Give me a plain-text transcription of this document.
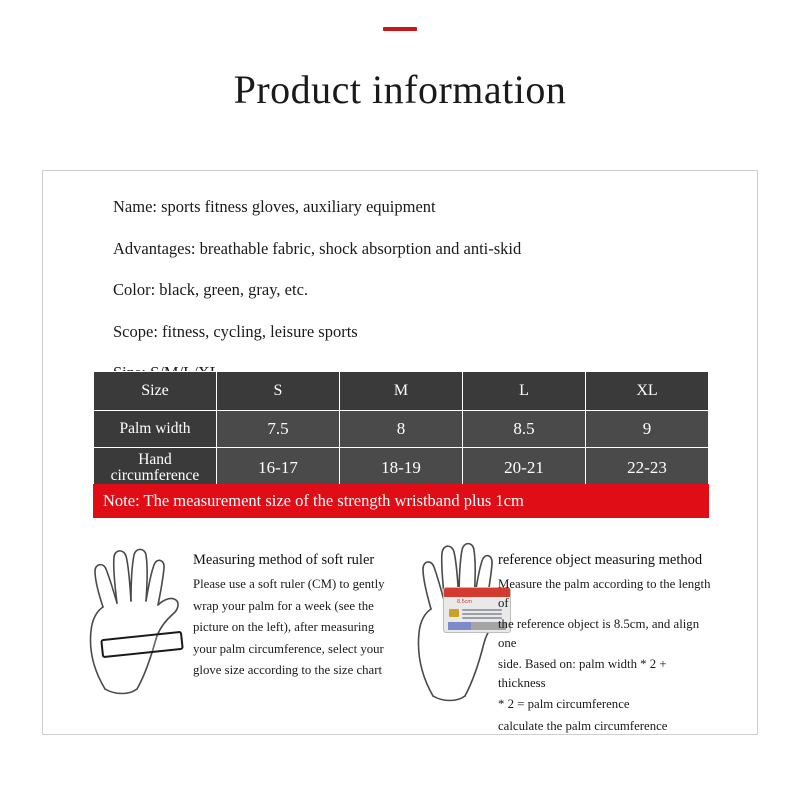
Product information
Name: sports fitness gloves, auxiliary equipment
Advantages: breathable fabric, shock absorption and anti-skid
Color: black, green, gray, etc.
Scope: fitness, cycling, leisure sports
Size	S	M	L	XL
Palm width	7.5	8	8.5	9
Hand circumference	16-17	18-19	20-21	22-23
Note: The measurement size of the strength wristband plus 1cm
Measuring method of soft ruler

Please use a soft ruler (CM) to gently

wrap your palm for a week (see the

picture on the left), after measuring

your palm circumference, select your

glove size according to the size chart

8.5cm
reference object measuring method

Measure the palm according to the length of

the reference object is 8.5cm, and align one

side. Based on: palm width * 2 + thickness

* 2 = palm circumference

calculate the palm circumference
